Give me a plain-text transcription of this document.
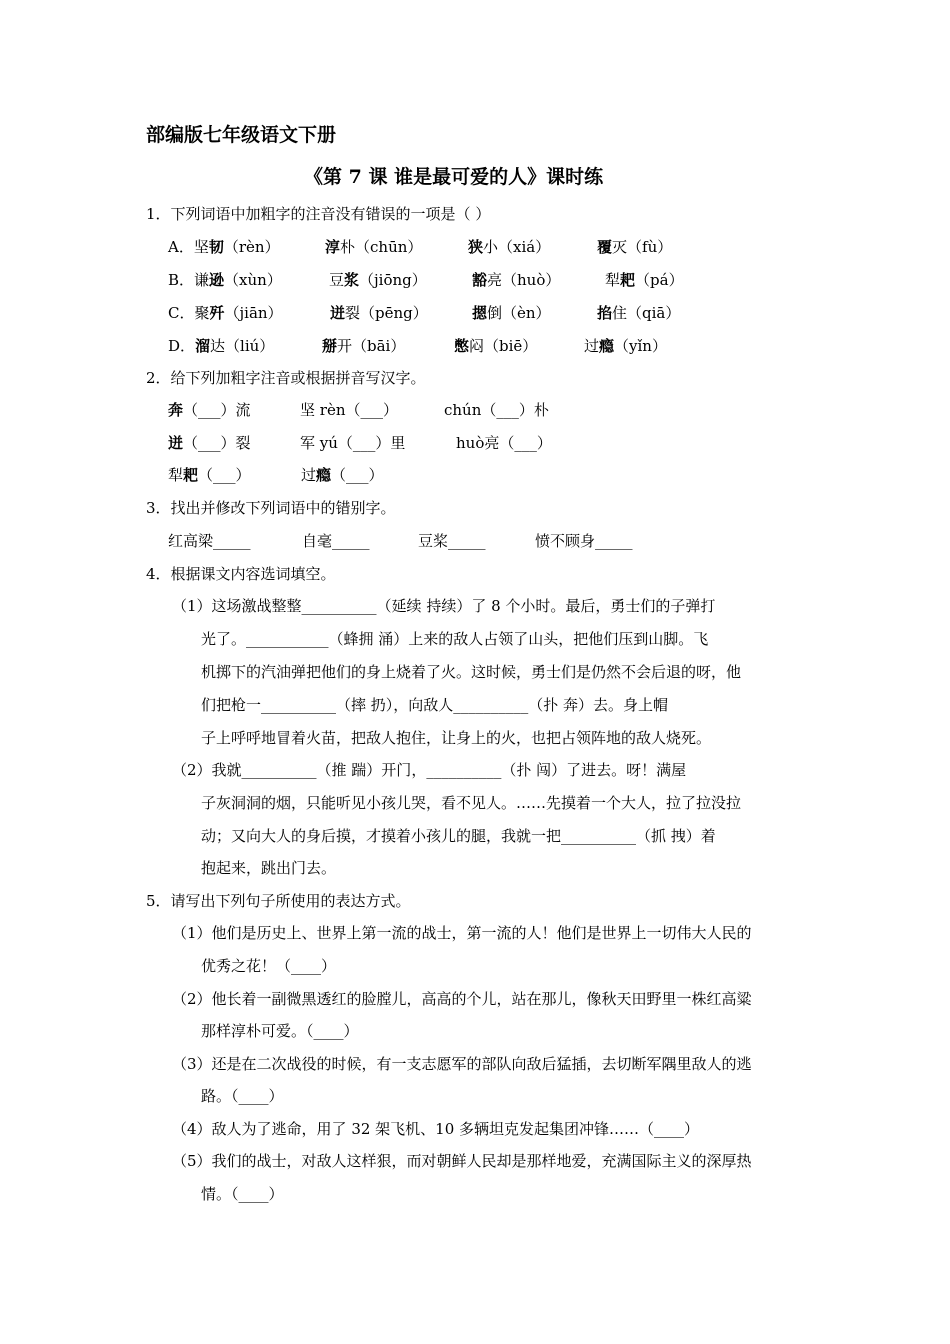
部编版七年级语文下册
《第 7 课 谁是最可爱的人》课时练
1．下列词语中加粗字的注音没有错误的一项是（ ）
A．坚韧（rèn）	淳朴（chūn）	狭小（xiá）	覆灭（fù）
B．谦逊（xùn）	豆浆（jiōng）	豁亮（huò）	犁耙（pá）
C．聚歼（jiān）	迸裂（pēng）	摁倒（èn）	掐住（qiā）
D．溜达（liú）	掰开（bāi）	憋闷（biē）	过瘾（yǐn）
2．给下列加粗字注音或根据拼音写汉字。
奔（___）流	坚 rèn（___）	chún（___）朴
迸（___）裂	军 yú（___）里	huò亮（___）
犁耙（___）	过瘾（___）
3．找出并修改下列词语中的错别字。
红高梁_____	自毫_____	豆桨_____	愤不顾身_____
4．根据课文内容选词填空。
（1）这场激战整整__________（延续 持续）了 8 个小时。最后，勇士们的子弹打
光了。___________（蜂拥 涌）上来的敌人占领了山头，把他们压到山脚。飞
机掷下的汽油弹把他们的身上烧着了火。这时候，勇士们是仍然不会后退的呀，他
们把枪一__________（摔 扔），向敌人__________（扑 奔）去。身上帽
子上呼呼地冒着火苗，把敌人抱住，让身上的火，也把占领阵地的敌人烧死。
（2）我就__________（推 踹）开门，__________（扑 闯）了进去。呀！满屋
子灰洞洞的烟，只能听见小孩儿哭，看不见人。……先摸着一个大人，拉了拉没拉
动；又向大人的身后摸，才摸着小孩儿的腿，我就一把__________（抓 拽）着
抱起来，跳出门去。
5．请写出下列句子所使用的表达方式。
（1）他们是历史上、世界上第一流的战士，第一流的人！他们是世界上一切伟大人民的
优秀之花！（____）
（2）他长着一副微黑透红的脸膛儿，高高的个儿，站在那儿，像秋天田野里一株红高粱
那样淳朴可爱。（____）
（3）还是在二次战役的时候，有一支志愿军的部队向敌后猛插，去切断军隅里敌人的逃
路。（____）
（4）敌人为了逃命，用了 32 架飞机、10 多辆坦克发起集团冲锋……（____）
（5）我们的战士，对敌人这样狠，而对朝鲜人民却是那样地爱，充满国际主义的深厚热
情。（____）
